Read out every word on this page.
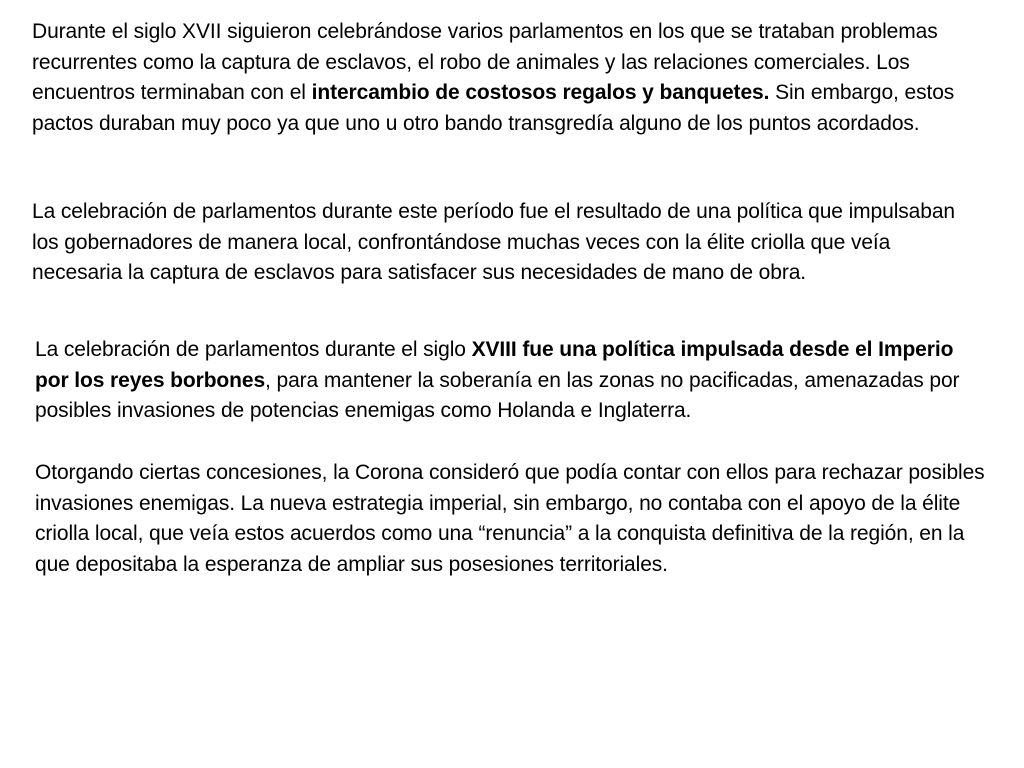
Durante el siglo XVII siguieron celebrándose varios parlamentos en los que se trataban problemas recurrentes como la captura de esclavos, el robo de animales y las relaciones comerciales. Los encuentros terminaban con el intercambio de costosos regalos y banquetes. Sin embargo, estos pactos duraban muy poco ya que uno u otro bando transgredía alguno de los puntos acordados.

La celebración de parlamentos durante este período fue el resultado de una política que impulsaban los gobernadores de manera local, confrontándose muchas veces con la élite criolla que veía necesaria la captura de esclavos para satisfacer sus necesidades de mano de obra.

La celebración de parlamentos durante el siglo XVIII fue una política impulsada desde el Imperio por los reyes borbones, para mantener la soberanía en las zonas no pacificadas, amenazadas por posibles invasiones de potencias enemigas como Holanda e Inglaterra.

Otorgando ciertas concesiones, la Corona consideró que podía contar con ellos para rechazar posibles invasiones enemigas. La nueva estrategia imperial, sin embargo, no contaba con el apoyo de la élite criolla local, que veía estos acuerdos como una “renuncia” a la conquista definitiva de la región, en la que depositaba la esperanza de ampliar sus posesiones territoriales.
